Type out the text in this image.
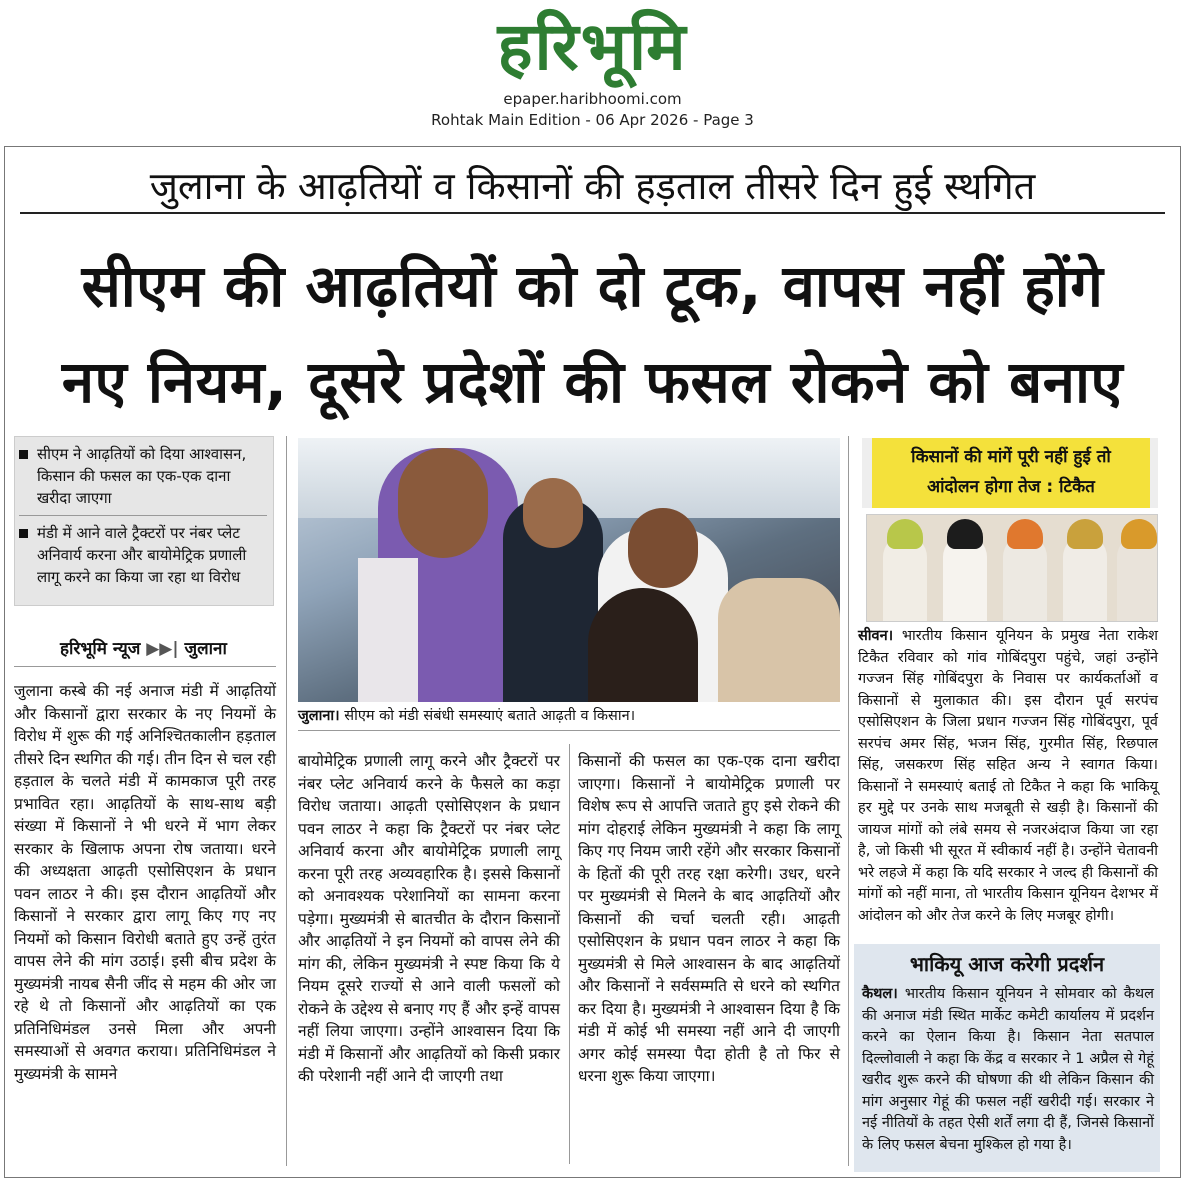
हरिभूमि
epaper.haribhoomi.com
Rohtak Main Edition - 06 Apr 2026 - Page 3
जुलाना के आढ़तियों व किसानों की हड़ताल तीसरे दिन हुई स्थगित
सीएम की आढ़तियों को दो टूक, वापस नहीं होंगे
नए नियम, दूसरे प्रदेशों की फसल रोकने को बनाए
सीएम ने आढ़तियों को दिया आश्वासन, किसान की फसल का एक-एक दाना खरीदा जाएगा
मंडी में आने वाले ट्रैक्टरों पर नंबर प्लेट अनिवार्य करना और बायोमेट्रिक प्रणाली लागू करने का किया जा रहा था विरोध
हरिभूमि न्यूज ▶▶| जुलाना
जुलाना कस्बे की नई अनाज मंडी में आढ़तियों और किसानों द्वारा सरकार के नए नियमों के विरोध में शुरू की गई अनिश्चितकालीन हड़ताल तीसरे दिन स्थगित की गई। तीन दिन से चल रही हड़ताल के चलते मंडी में कामकाज पूरी तरह प्रभावित रहा। आढ़तियों के साथ-साथ बड़ी संख्या में किसानों ने भी धरने में भाग लेकर सरकार के खिलाफ अपना रोष जताया। धरने की अध्यक्षता आढ़ती एसोसिएशन के प्रधान पवन लाठर ने की। इस दौरान आढ़तियों और किसानों ने सरकार द्वारा लागू किए गए नए नियमों को किसान विरोधी बताते हुए उन्हें तुरंत वापस लेने की मांग उठाई। इसी बीच प्रदेश के मुख्यमंत्री नायब सैनी जींद से महम की ओर जा रहे थे तो किसानों और आढ़तियों का एक प्रतिनिधिमंडल उनसे मिला और अपनी समस्याओं से अवगत कराया। प्रतिनिधिमंडल ने मुख्यमंत्री के सामने
जुलाना। सीएम को मंडी संबंधी समस्याएं बताते आढ़ती व किसान।
बायोमेट्रिक प्रणाली लागू करने और ट्रैक्टरों पर नंबर प्लेट अनिवार्य करने के फैसले का कड़ा विरोध जताया। आढ़ती एसोसिएशन के प्रधान पवन लाठर ने कहा कि ट्रैक्टरों पर नंबर प्लेट अनिवार्य करना और बायोमेट्रिक प्रणाली लागू करना पूरी तरह अव्यवहारिक है। इससे किसानों को अनावश्यक परेशानियों का सामना करना पड़ेगा। मुख्यमंत्री से बातचीत के दौरान किसानों और आढ़तियों ने इन नियमों को वापस लेने की मांग की, लेकिन मुख्यमंत्री ने स्पष्ट किया कि ये नियम दूसरे राज्यों से आने वाली फसलों को रोकने के उद्देश्य से बनाए गए हैं और इन्हें वापस नहीं लिया जाएगा। उन्होंने आश्वासन दिया कि मंडी में किसानों और आढ़तियों को किसी प्रकार की परेशानी नहीं आने दी जाएगी तथा
किसानों की फसल का एक-एक दाना खरीदा जाएगा। किसानों ने बायोमेट्रिक प्रणाली पर विशेष रूप से आपत्ति जताते हुए इसे रोकने की मांग दोहराई लेकिन मुख्यमंत्री ने कहा कि लागू किए गए नियम जारी रहेंगे और सरकार किसानों के हितों की पूरी तरह रक्षा करेगी। उधर, धरने पर मुख्यमंत्री से मिलने के बाद आढ़तियों और किसानों की चर्चा चलती रही। आढ़ती एसोसिएशन के प्रधान पवन लाठर ने कहा कि मुख्यमंत्री से मिले आश्वासन के बाद आढ़तियों और किसानों ने सर्वसम्मति से धरने को स्थगित कर दिया है। मुख्यमंत्री ने आश्वासन दिया है कि मंडी में कोई भी समस्या नहीं आने दी जाएगी अगर कोई समस्या पैदा होती है तो फिर से धरना शुरू किया जाएगा।
किसानों की मांगें पूरी नहीं हुई तो
आंदोलन होगा तेज : टिकैत
सीवन। भारतीय किसान यूनियन के प्रमुख नेता राकेश टिकैत रविवार को गांव गोबिंदपुरा पहुंचे, जहां उन्होंने गज्जन सिंह गोबिंदपुरा के निवास पर कार्यकर्ताओं व किसानों से मुलाकात की। इस दौरान पूर्व सरपंच एसोसिएशन के जिला प्रधान गज्जन सिंह गोबिंदपुरा, पूर्व सरपंच अमर सिंह, भजन सिंह, गुरमीत सिंह, रिछपाल सिंह, जसकरण सिंह सहित अन्य ने स्वागत किया। किसानों ने समस्याएं बताई तो टिकैत ने कहा कि भाकियू हर मुद्दे पर उनके साथ मजबूती से खड़ी है। किसानों की जायज मांगों को लंबे समय से नजरअंदाज किया जा रहा है, जो किसी भी सूरत में स्वीकार्य नहीं है। उन्होंने चेतावनी भरे लहजे में कहा कि यदि सरकार ने जल्द ही किसानों की मांगों को नहीं माना, तो भारतीय किसान यूनियन देशभर में आंदोलन को और तेज करने के लिए मजबूर होगी।
भाकियू आज करेगी प्रदर्शन
कैथल। भारतीय किसान यूनियन ने सोमवार को कैथल की अनाज मंडी स्थित मार्केट कमेटी कार्यालय में प्रदर्शन करने का ऐलान किया है। किसान नेता सतपाल दिल्लोवाली ने कहा कि केंद्र व सरकार ने 1 अप्रैल से गेहूं खरीद शुरू करने की घोषणा की थी लेकिन किसान की मांग अनुसार गेहूं की फसल नहीं खरीदी गई। सरकार ने नई नीतियों के तहत ऐसी शर्तें लगा दी हैं, जिनसे किसानों के लिए फसल बेचना मुश्किल हो गया है।
